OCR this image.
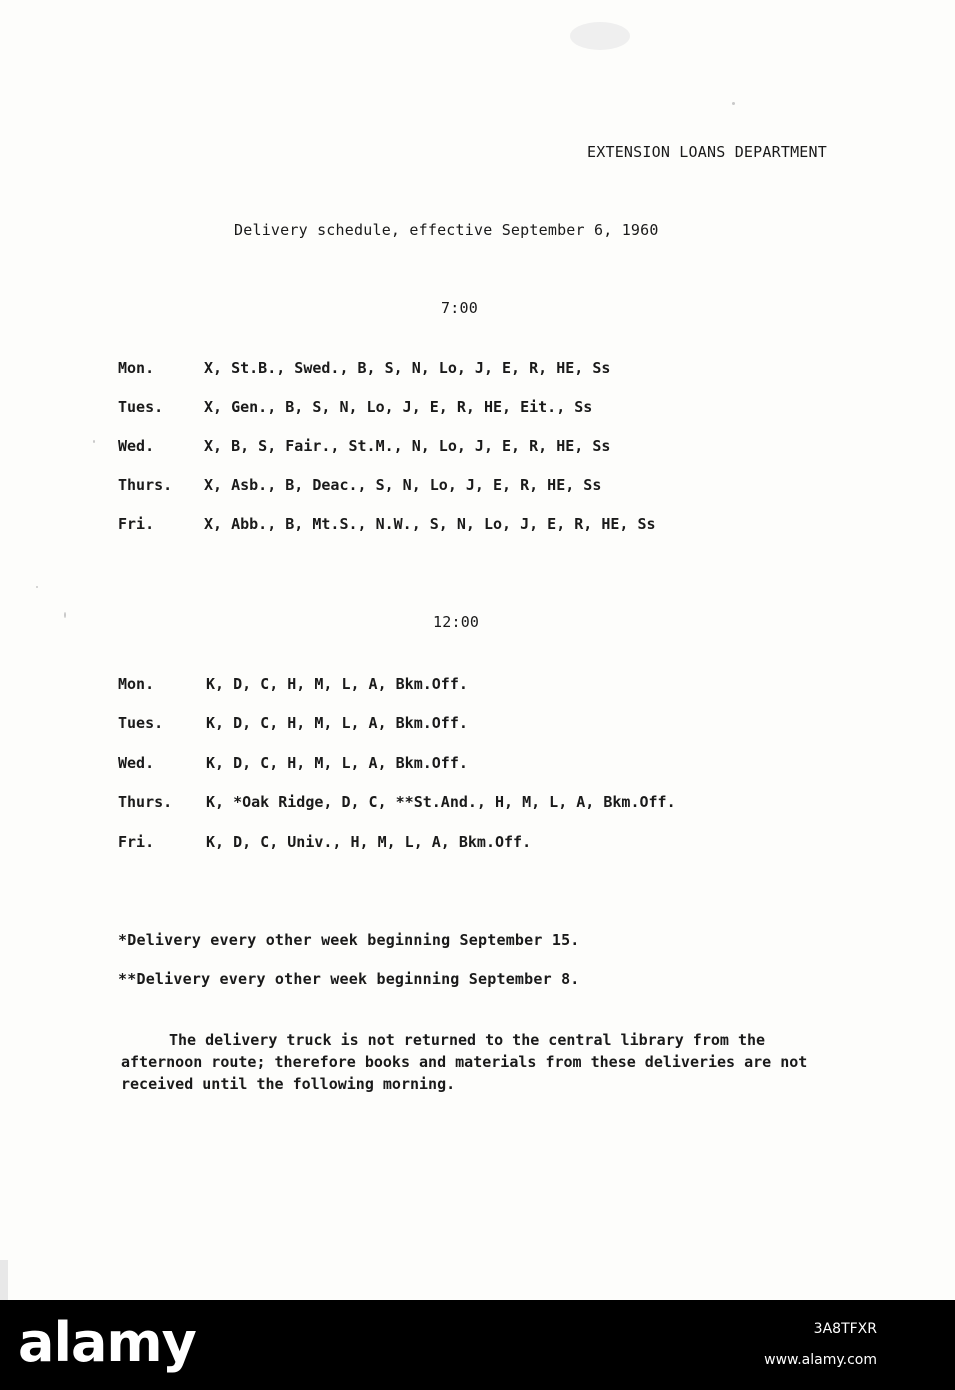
EXTENSION LOANS DEPARTMENT
Delivery schedule, effective September 6, 1960
7:00
Mon.	X, St.B., Swed., B, S, N, Lo, J, E, R, HE, Ss
Tues.	X, Gen., B, S, N, Lo, J, E, R, HE, Eit., Ss
Wed.	X, B, S, Fair., St.M., N, Lo, J, E, R, HE, Ss
Thurs. X, Asb., B, Deac., S, N, Lo, J, E, R, HE, Ss
Fri.	X, Abb., B, Mt.S., N.W., S, N, Lo, J, E, R, HE, Ss
12:00
Mon.	K, D, C, H, M, L, A, Bkm.Off.
Tues.	K, D, C, H, M, L, A, Bkm.Off.
Wed.	K, D, C, H, M, L, A, Bkm.Off.
Thurs. K, *Oak Ridge, D, C, **St.And., H, M, L, A, Bkm.Off.
Fri.	K, D, C, Univ., H, M, L, A, Bkm.Off.
*Delivery every other week beginning September 15.
**Delivery every other week beginning September 8.
The delivery truck is not returned to the central library from the afternoon route; therefore books and materials from these deliveries are not received until the following morning.
alamy	3A8TFXR
www.alamy.com
